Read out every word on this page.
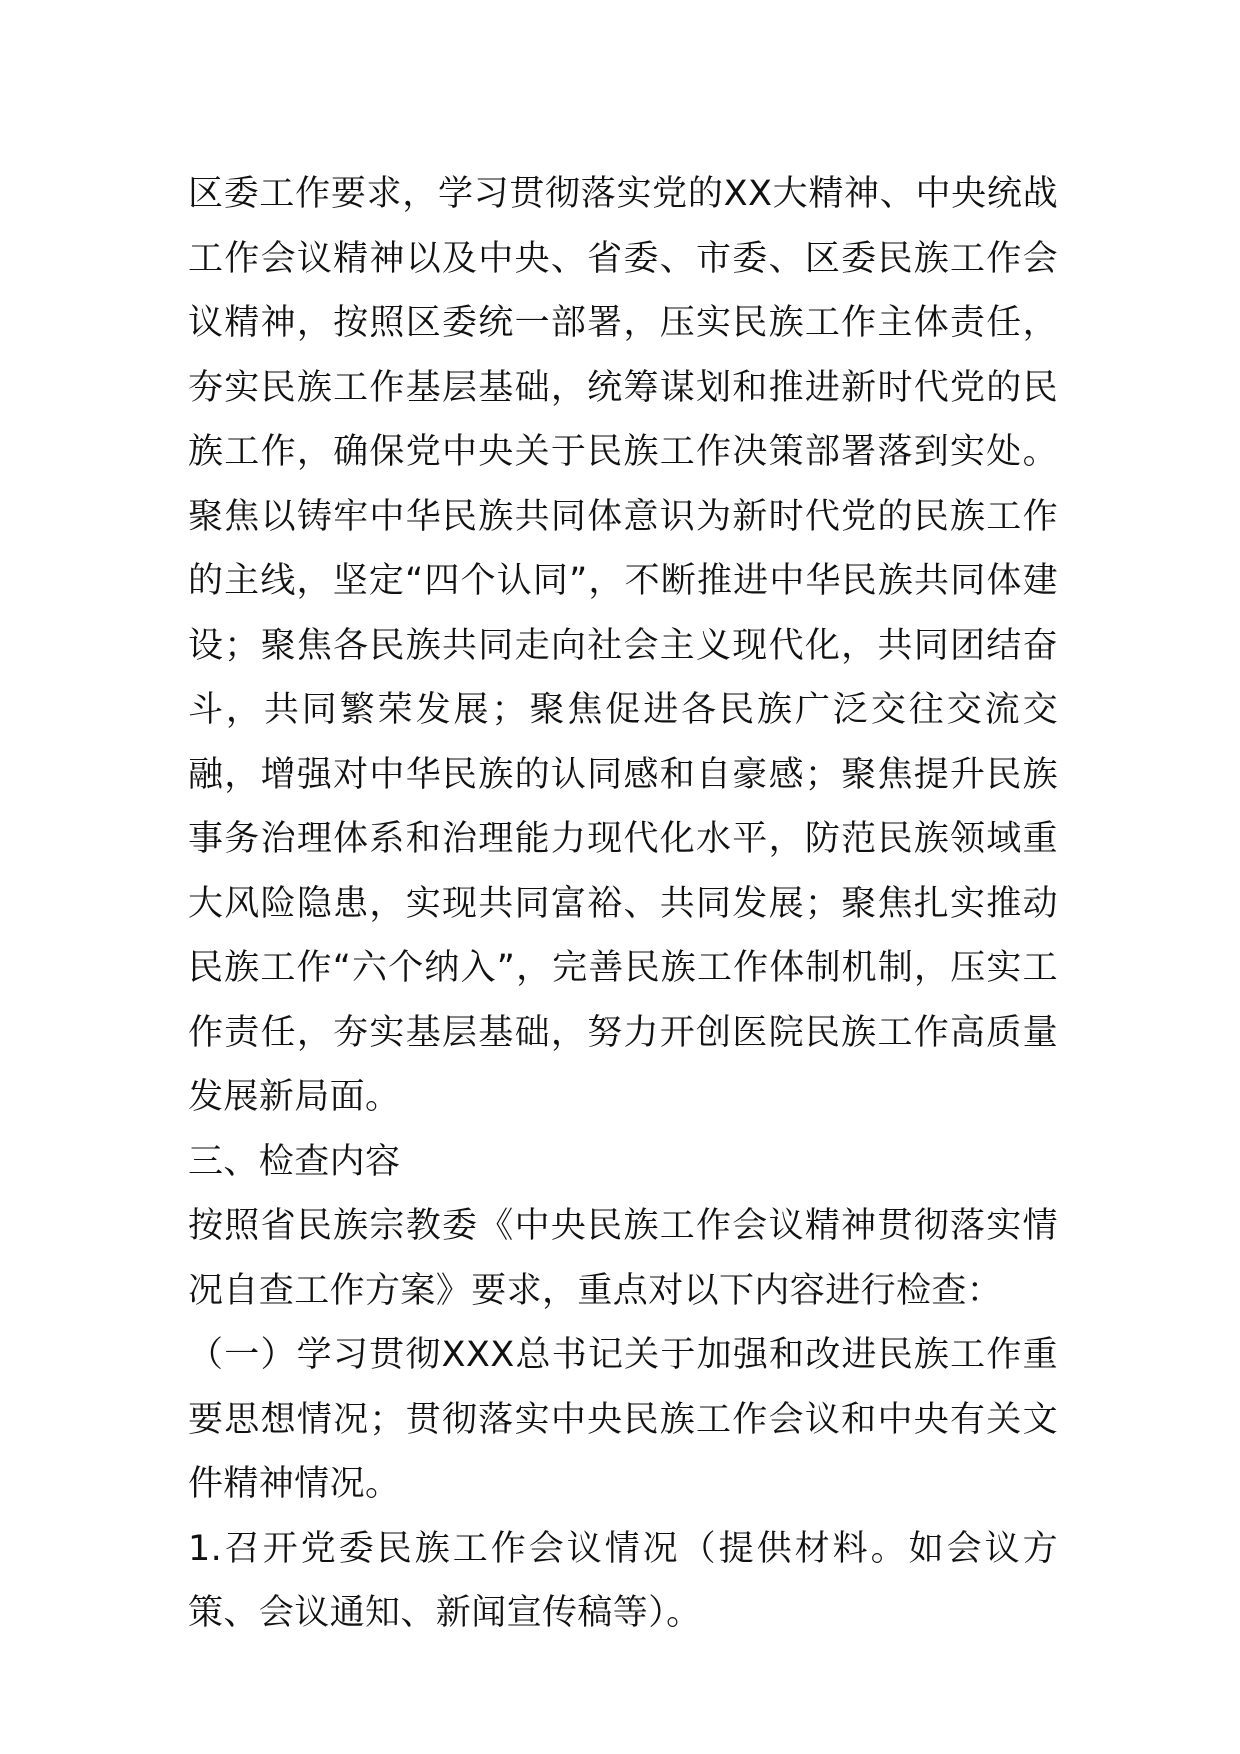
区委工作要求，学习贯彻落实党的XX大精神、中央统战工作会议精神以及中央、省委、市委、区委民族工作会议精神，按照区委统一部署，压实民族工作主体责任，夯实民族工作基层基础，统筹谋划和推进新时代党的民族工作，确保党中央关于民族工作决策部署落到实处。聚焦以铸牢中华民族共同体意识为新时代党的民族工作的主线，坚定“四个认同”，不断推进中华民族共同体建设；聚焦各民族共同走向社会主义现代化，共同团结奋斗，共同繁荣发展；聚焦促进各民族广泛交往交流交融，增强对中华民族的认同感和自豪感；聚焦提升民族事务治理体系和治理能力现代化水平，防范民族领域重大风险隐患，实现共同富裕、共同发展；聚焦扎实推动民族工作“六个纳入”，完善民族工作体制机制，压实工作责任，夯实基层基础，努力开创医院民族工作高质量发展新局面。

三、检查内容

按照省民族宗教委《中央民族工作会议精神贯彻落实情况自查工作方案》要求，重点对以下内容进行检查：

（一）学习贯彻XXX总书记关于加强和改进民族工作重要思想情况；贯彻落实中央民族工作会议和中央有关文件精神情况。

1.召开党委民族工作会议情况（提供材料。如会议方策、会议通知、新闻宣传稿等）。
